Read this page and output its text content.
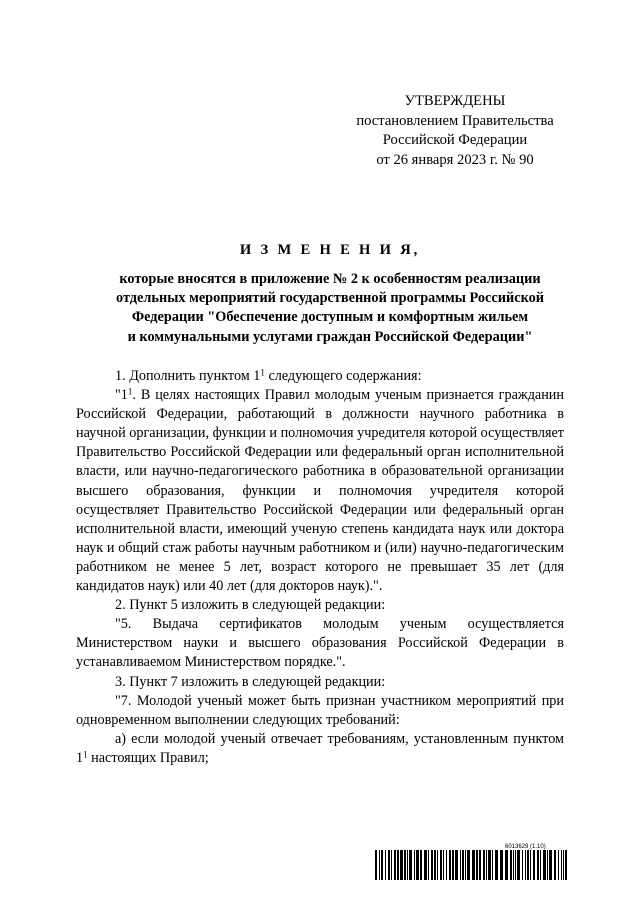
УТВЕРЖДЕНЫ
постановлением Правительства
Российской Федерации
от 26 января 2023 г. № 90
И З М Е Н Е Н И Я,
которые вносятся в приложение № 2 к особенностям реализации
отдельных мероприятий государственной программы Российской
Федерации "Обеспечение доступным и комфортным жильем
и коммунальными услугами граждан Российской Федерации"

1. Дополнить пунктом $1^1$ следующего содержания:

"$1^1$. В целях настоящих Правил молодым ученым признается гражданин Российской Федерации, работающий в должности научного работника в научной организации, функции и полномочия учредителя которой осуществляет Правительство Российской Федерации или федеральный орган исполнительной власти, или научно-педагогического работника в образовательной организации высшего образования, функции и полномочия учредителя которой осуществляет Правительство Российской Федерации или федеральный орган исполнительной власти, имеющий ученую степень кандидата наук или доктора наук и общий стаж работы научным работником и (или) научно-педагогическим работником не менее 5 лет, возраст которого не превышает 35 лет (для кандидатов наук) или 40 лет (для докторов наук).".

2. Пункт 5 изложить в следующей редакции:

"5. Выдача сертификатов молодым ученым осуществляется Министерством науки и высшего образования Российской Федерации в устанавливаемом Министерством порядке.".

3. Пункт 7 изложить в следующей редакции:

"7. Молодой ученый может быть признан участником мероприятий при одновременном выполнении следующих требований:

а) если молодой ученый отвечает требованиям, установленным пунктом $1^1$ настоящих Правил;

6013629 (1.10)
